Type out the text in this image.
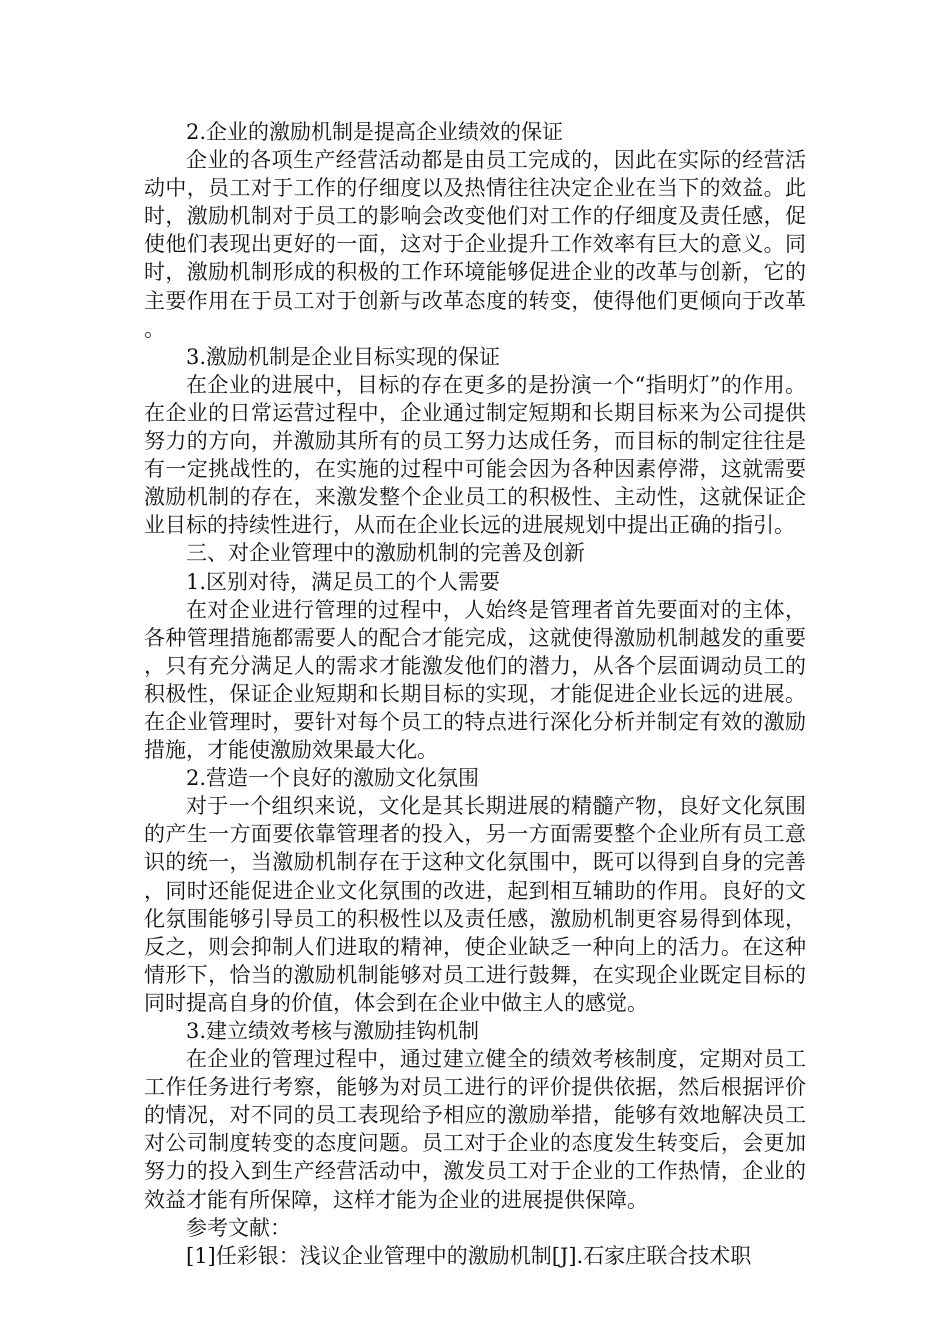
2.企业的激励机制是提高企业绩效的保证

企业的各项生产经营活动都是由员工完成的，因此在实际的经营活动中，员工对于工作的仔细度以及热情往往决定企业在当下的效益。此时，激励机制对于员工的影响会改变他们对工作的仔细度及责任感，促使他们表现出更好的一面，这对于企业提升工作效率有巨大的意义。同时，激励机制形成的积极的工作环境能够促进企业的改革与创新，它的主要作用在于员工对于创新与改革态度的转变，使得他们更倾向于改革。

3.激励机制是企业目标实现的保证

在企业的进展中，目标的存在更多的是扮演一个“指明灯”的作用。在企业的日常运营过程中，企业通过制定短期和长期目标来为公司提供努力的方向，并激励其所有的员工努力达成任务，而目标的制定往往是有一定挑战性的，在实施的过程中可能会因为各种因素停滞，这就需要激励机制的存在，来激发整个企业员工的积极性、主动性，这就保证企业目标的持续性进行，从而在企业长远的进展规划中提出正确的指引。

三、对企业管理中的激励机制的完善及创新

1.区别对待，满足员工的个人需要

在对企业进行管理的过程中，人始终是管理者首先要面对的主体，各种管理措施都需要人的配合才能完成，这就使得激励机制越发的重要，只有充分满足人的需求才能激发他们的潜力，从各个层面调动员工的积极性，保证企业短期和长期目标的实现，才能促进企业长远的进展。在企业管理时，要针对每个员工的特点进行深化分析并制定有效的激励措施，才能使激励效果最大化。

2.营造一个良好的激励文化氛围

对于一个组织来说，文化是其长期进展的精髓产物，良好文化氛围的产生一方面要依靠管理者的投入，另一方面需要整个企业所有员工意识的统一，当激励机制存在于这种文化氛围中，既可以得到自身的完善，同时还能促进企业文化氛围的改进，起到相互辅助的作用。良好的文化氛围能够引导员工的积极性以及责任感，激励机制更容易得到体现，反之，则会抑制人们进取的精神，使企业缺乏一种向上的活力。在这种情形下，恰当的激励机制能够对员工进行鼓舞，在实现企业既定目标的同时提高自身的价值，体会到在企业中做主人的感觉。

3.建立绩效考核与激励挂钩机制

在企业的管理过程中，通过建立健全的绩效考核制度，定期对员工工作任务进行考察，能够为对员工进行的评价提供依据，然后根据评价的情况，对不同的员工表现给予相应的激励举措，能够有效地解决员工对公司制度转变的态度问题。员工对于企业的态度发生转变后，会更加努力的投入到生产经营活动中，激发员工对于企业的工作热情，企业的效益才能有所保障，这样才能为企业的进展提供保障。

参考文献：

[1]任彩银：浅议企业管理中的激励机制[J].石家庄联合技术职
